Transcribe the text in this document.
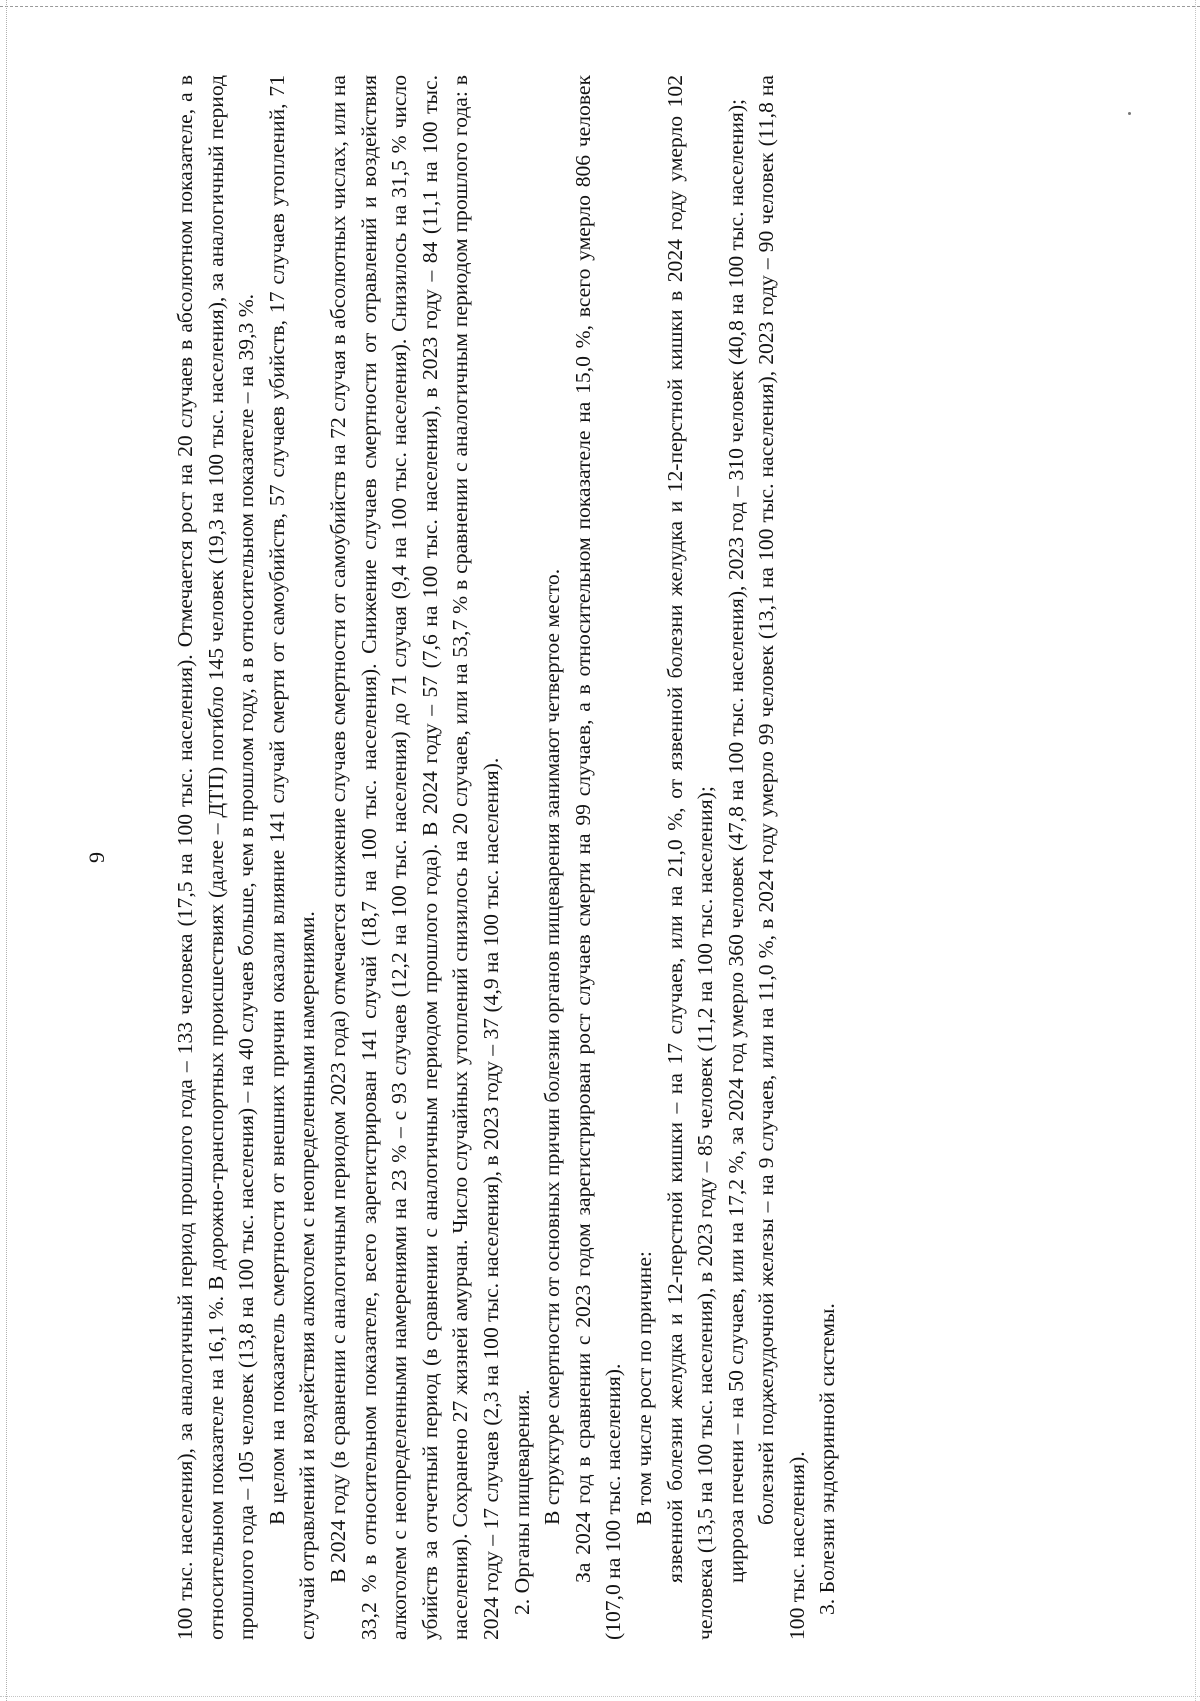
9	100 тыс. населения), за аналогичный период прошлого года – 133 человека (17,5 на 100 тыс. населения). Отмечается рост на 20 случаев в абсолютном показателе, а в относительном показателе на 16,1 %. В дорожно-транспортных происшествиях (далее – ДТП) погибло 145 человек (19,3 на 100 тыс. населения), за аналогичный период прошлого года – 105 человек (13,8 на 100 тыс. населения) – на 40 случаев больше, чем в прошлом году, а в относительном показателе – на 39,3 %. В целом на показатель смертности от внешних причин оказали влияние 141 случай смерти от самоубийств, 57 случаев убийств, 17 случаев утоплений, 71 случай отравлений и воздействия алкоголем с неопределенными намерениями. В 2024 году (в сравнении с аналогичным периодом 2023 года) отмечается снижение случаев смертности от самоубийств на 72 случая в абсолютных числах, или на 33,2 % в относительном показателе, всего зарегистрирован 141 случай (18,7 на 100 тыс. населения). Снижение случаев смертности от отравлений и воздействия алкоголем с неопределенными намерениями на 23 % – с 93 случаев (12,2 на 100 тыс. населения) до 71 случая (9,4 на 100 тыс. населения). Снизилось на 31,5 % число убийств за отчетный период (в сравнении с аналогичным периодом прошлого года). В 2024 году – 57 (7,6 на 100 тыс. населения), в 2023 году – 84 (11,1 на 100 тыс. населения). Сохранено 27 жизней амурчан. Число случайных утоплений снизилось на 20 случаев, или на 53,7 % в сравнении с аналогичным периодом прошлого года: в 2024 году – 17 случаев (2,3 на 100 тыс. населения), в 2023 году – 37 (4,9 на 100 тыс. населения). 2. Органы пищеварения. В структуре смертности от основных причин болезни органов пищеварения занимают четвертое место. За 2024 год в сравнении с 2023 годом зарегистрирован рост случаев смерти на 99 случаев, а в относительном показателе на 15,0 %, всего умерло 806 человек (107,0 на 100 тыс. населения). В том числе рост по причине: язвенной болезни желудка и 12-перстной кишки – на 17 случаев, или на 21,0 %, от язвенной болезни желудка и 12-перстной кишки в 2024 году умерло 102 человека (13,5 на 100 тыс. населения), в 2023 году – 85 человек (11,2 на 100 тыс. населения); цирроза печени – на 50 случаев, или на 17,2 %, за 2024 год умерло 360 человек (47,8 на 100 тыс. населения), 2023 год – 310 человек (40,8 на 100 тыс. населения); болезней поджелудочной железы – на 9 случаев, или на 11,0 %, в 2024 году умерло 99 человек (13,1 на 100 тыс. населения), 2023 году – 90 человек (11,8 на 100 тыс. населения). 3. Болезни эндокринной системы.
